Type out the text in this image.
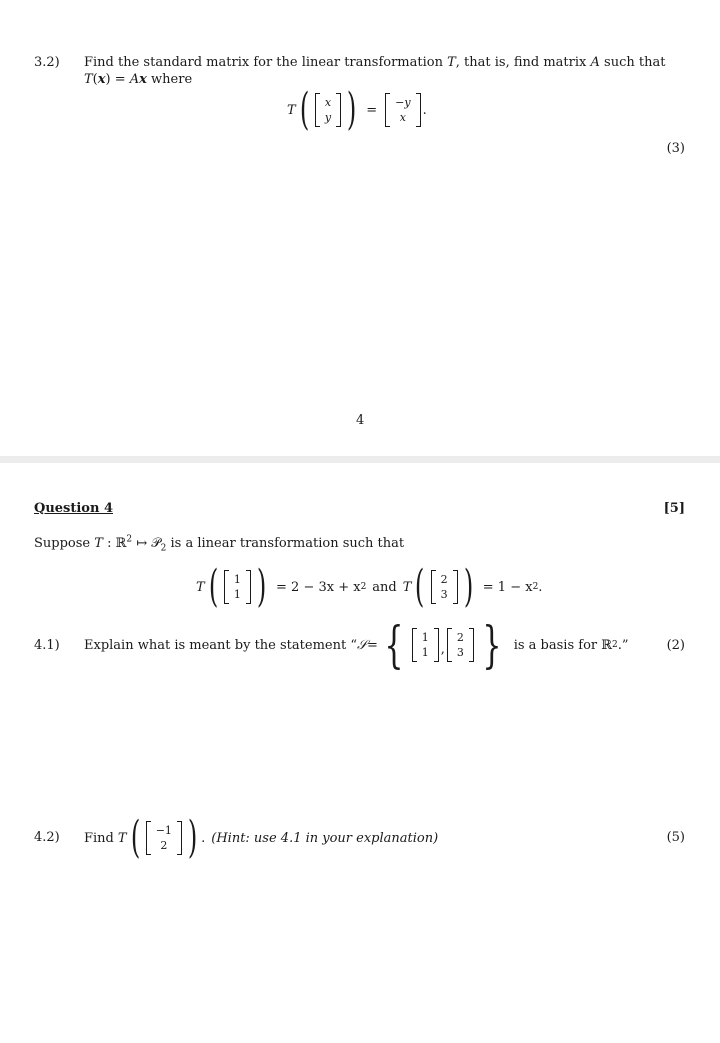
3.2) Find the standard matrix for the linear transformation T, that is, find matrix A such that
T(x) = Ax where
T ( x
y ) = −y
x .
(3)
4
Question 4	[5]
Suppose T : ℝ$^2$ ↦ 𝒫$_2$ is a linear transformation such that
T ( 1
1 ) = 2 − 3x + x 2 and T ( 2
3 ) = 1 − x 2 .
4.1) Explain what is meant by the statement “ 𝒮 = { 1
1 ,
2
3 } is a basis for ℝ 2 .”	(2)
4.2) Find T ( −1
2 ) . (Hint: use 4.1 in your explanation)	(5)
